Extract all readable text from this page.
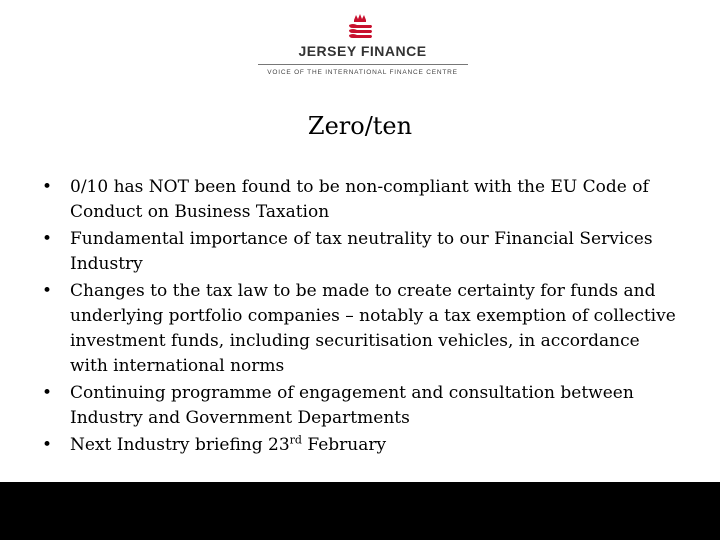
JERSEY FINANCE
VOICE OF THE INTERNATIONAL FINANCE CENTRE
Zero/ten
• 0/10 has NOT been found to be non-compliant with the EU Code of Conduct on Business Taxation
• Fundamental importance of tax neutrality to our Financial Services Industry
• Changes to the tax law to be made to create certainty for funds and underlying portfolio companies – notably a tax exemption of collective investment funds, including securitisation vehicles, in accordance with international norms
• Continuing programme of engagement and consultation between Industry and Government Departments
• Next Industry briefing 23rd February
